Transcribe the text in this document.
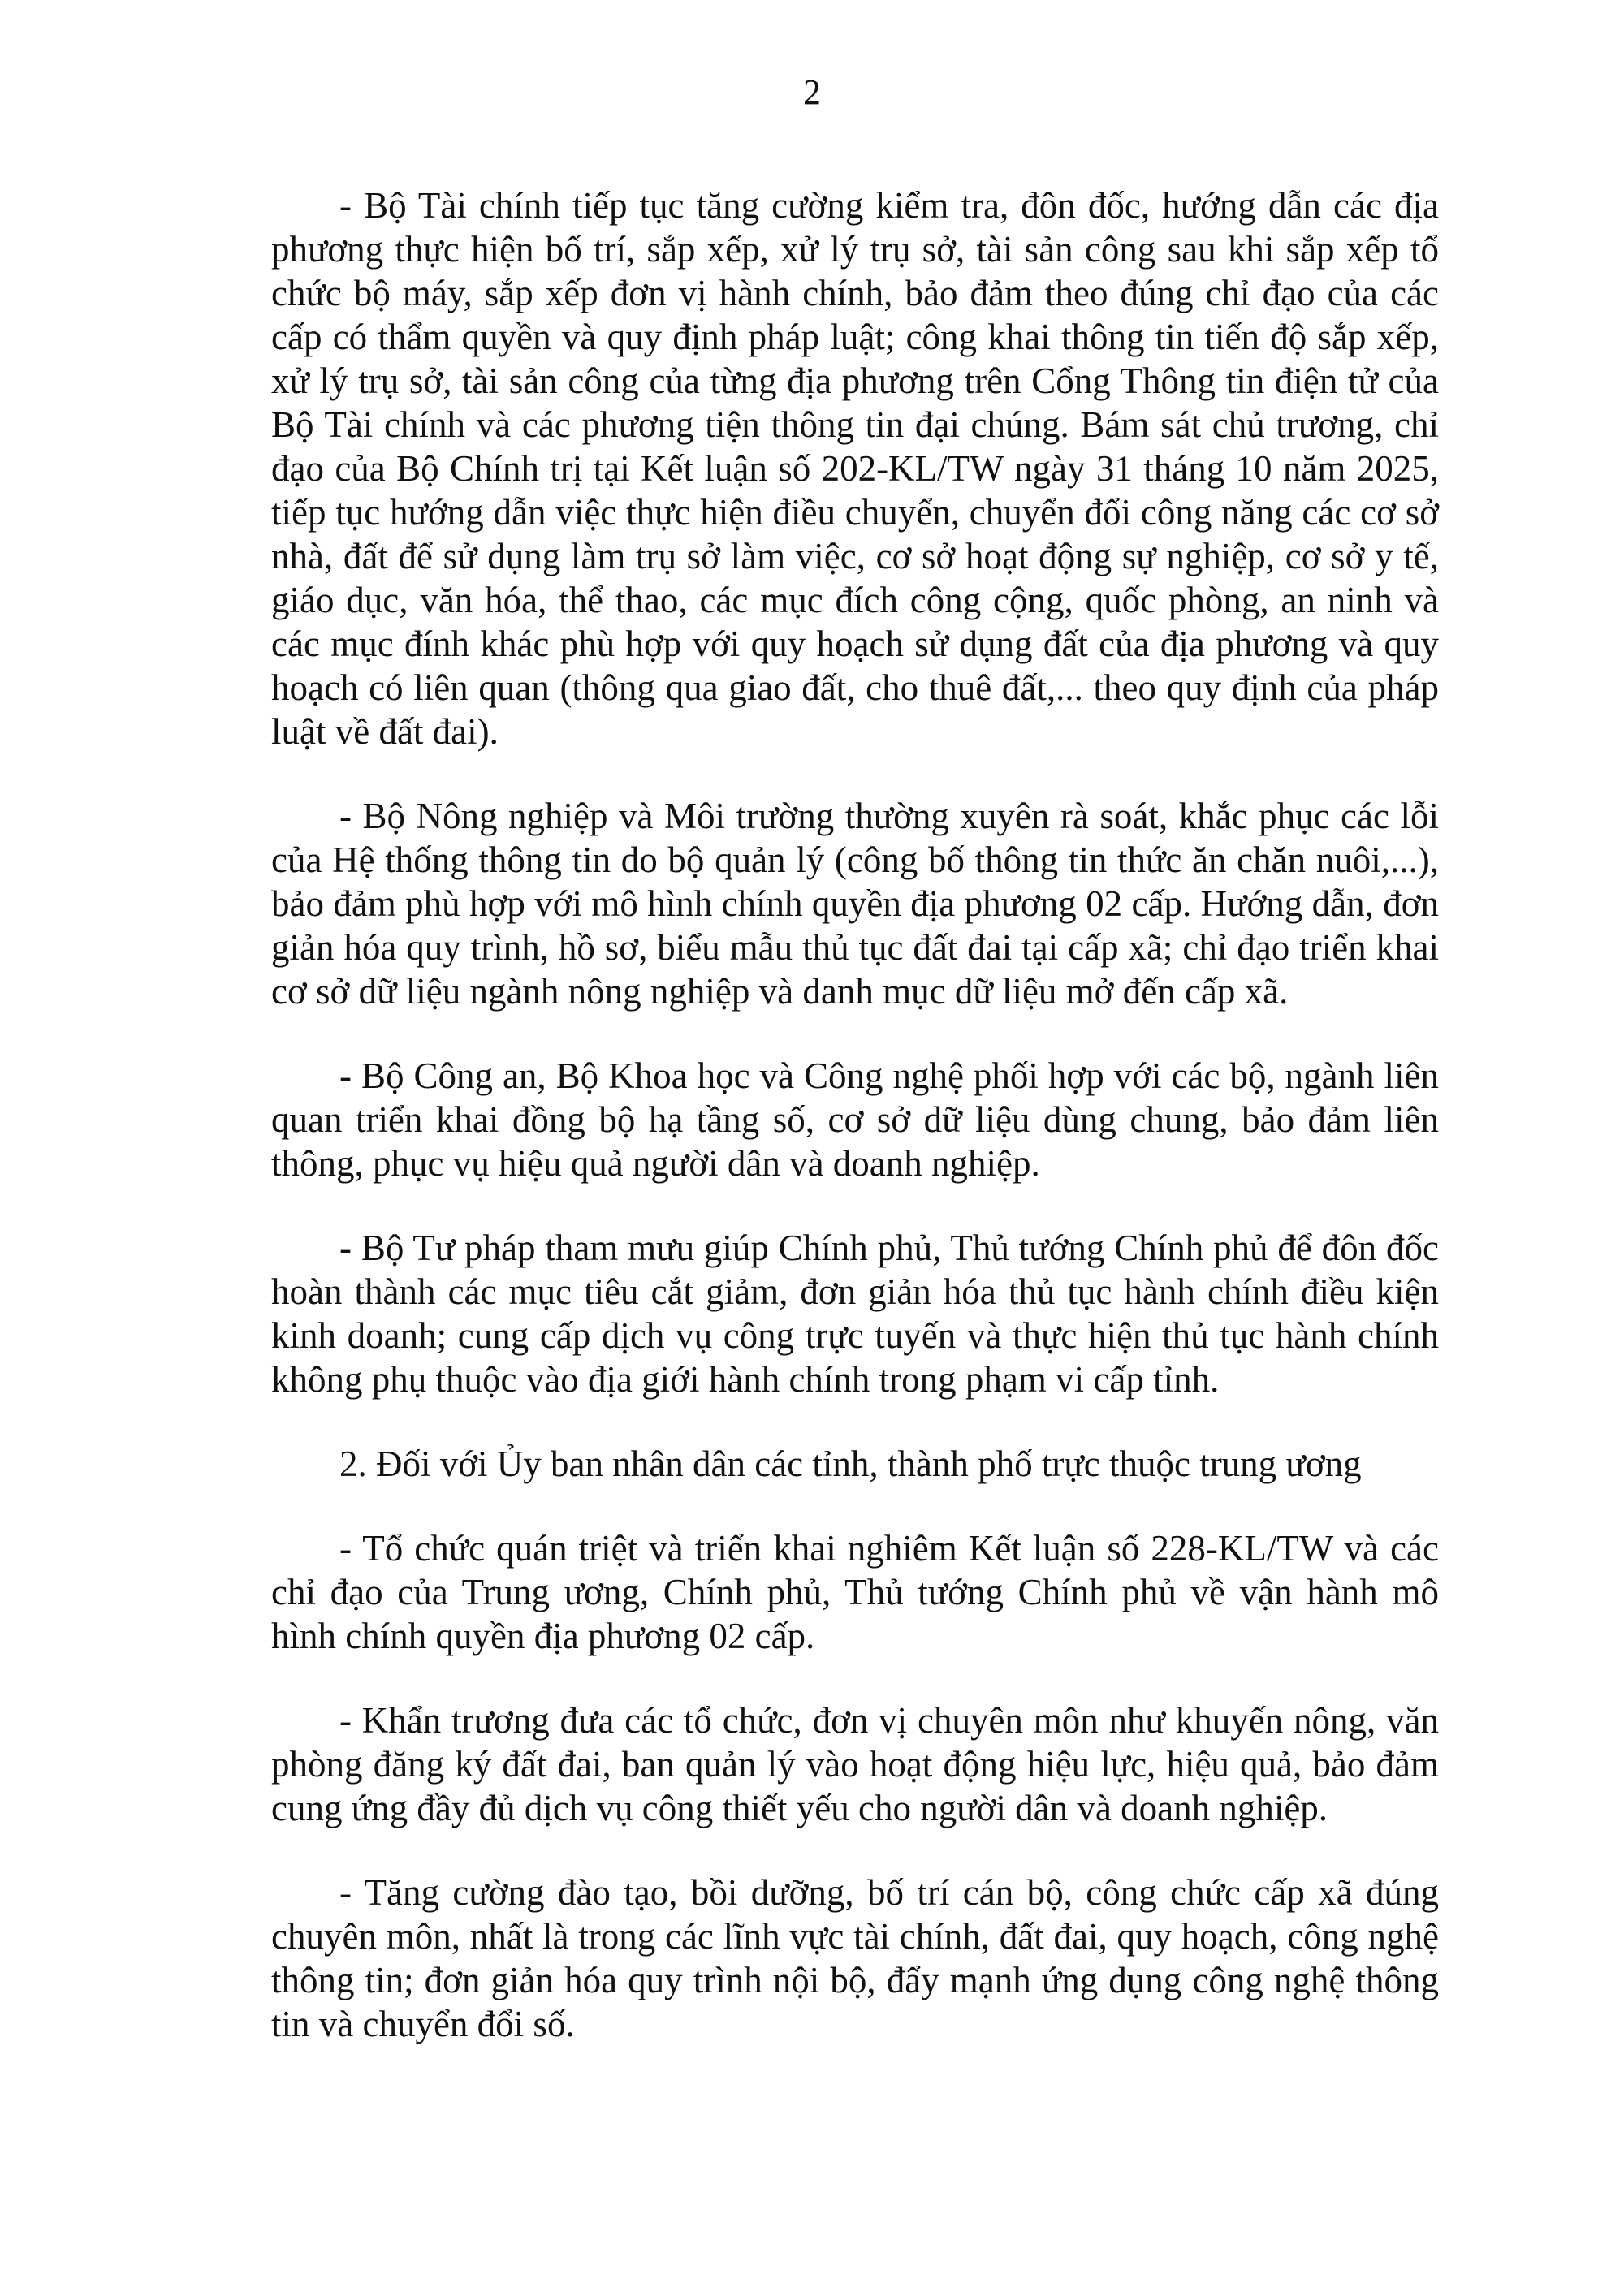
2

- Bộ Tài chính tiếp tục tăng cường kiểm tra, đôn đốc, hướng dẫn các địa phương thực hiện bố trí, sắp xếp, xử lý trụ sở, tài sản công sau khi sắp xếp tổ chức bộ máy, sắp xếp đơn vị hành chính, bảo đảm theo đúng chỉ đạo của các cấp có thẩm quyền và quy định pháp luật; công khai thông tin tiến độ sắp xếp, xử lý trụ sở, tài sản công của từng địa phương trên Cổng Thông tin điện tử của Bộ Tài chính và các phương tiện thông tin đại chúng. Bám sát chủ trương, chỉ đạo của Bộ Chính trị tại Kết luận số 202-KL/TW ngày 31 tháng 10 năm 2025, tiếp tục hướng dẫn việc thực hiện điều chuyển, chuyển đổi công năng các cơ sở nhà, đất để sử dụng làm trụ sở làm việc, cơ sở hoạt động sự nghiệp, cơ sở y tế, giáo dục, văn hóa, thể thao, các mục đích công cộng, quốc phòng, an ninh và các mục đính khác phù hợp với quy hoạch sử dụng đất của địa phương và quy hoạch có liên quan (thông qua giao đất, cho thuê đất,... theo quy định của pháp luật về đất đai).

- Bộ Nông nghiệp và Môi trường thường xuyên rà soát, khắc phục các lỗi của Hệ thống thông tin do bộ quản lý (công bố thông tin thức ăn chăn nuôi,...), bảo đảm phù hợp với mô hình chính quyền địa phương 02 cấp. Hướng dẫn, đơn giản hóa quy trình, hồ sơ, biểu mẫu thủ tục đất đai tại cấp xã; chỉ đạo triển khai cơ sở dữ liệu ngành nông nghiệp và danh mục dữ liệu mở đến cấp xã.

- Bộ Công an, Bộ Khoa học và Công nghệ phối hợp với các bộ, ngành liên quan triển khai đồng bộ hạ tầng số, cơ sở dữ liệu dùng chung, bảo đảm liên thông, phục vụ hiệu quả người dân và doanh nghiệp.

- Bộ Tư pháp tham mưu giúp Chính phủ, Thủ tướng Chính phủ để đôn đốc hoàn thành các mục tiêu cắt giảm, đơn giản hóa thủ tục hành chính điều kiện kinh doanh; cung cấp dịch vụ công trực tuyến và thực hiện thủ tục hành chính không phụ thuộc vào địa giới hành chính trong phạm vi cấp tỉnh.

2. Đối với Ủy ban nhân dân các tỉnh, thành phố trực thuộc trung ương

- Tổ chức quán triệt và triển khai nghiêm Kết luận số 228-KL/TW và các chỉ đạo của Trung ương, Chính phủ, Thủ tướng Chính phủ về vận hành mô hình chính quyền địa phương 02 cấp.

- Khẩn trương đưa các tổ chức, đơn vị chuyên môn như khuyến nông, văn phòng đăng ký đất đai, ban quản lý vào hoạt động hiệu lực, hiệu quả, bảo đảm cung ứng đầy đủ dịch vụ công thiết yếu cho người dân và doanh nghiệp.

- Tăng cường đào tạo, bồi dưỡng, bố trí cán bộ, công chức cấp xã đúng chuyên môn, nhất là trong các lĩnh vực tài chính, đất đai, quy hoạch, công nghệ thông tin; đơn giản hóa quy trình nội bộ, đẩy mạnh ứng dụng công nghệ thông tin và chuyển đổi số.
